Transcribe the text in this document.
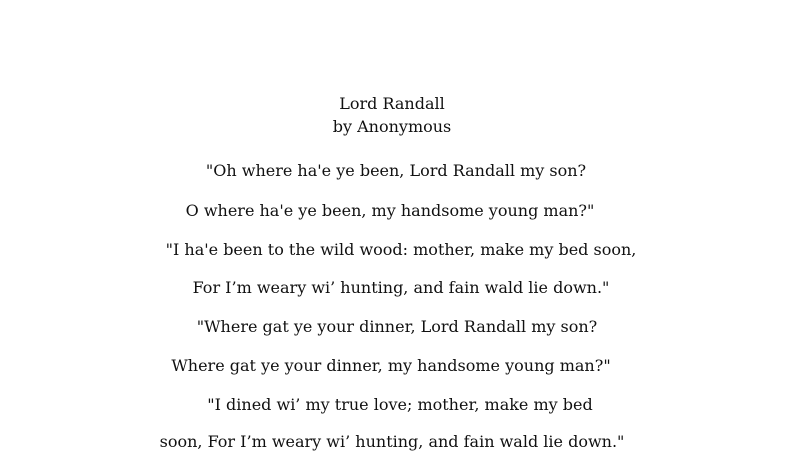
Lord Randall
by Anonymous
"Oh where ha'e ye been, Lord Randall my son?
O where ha'e ye been, my handsome young man?"
"I ha'e been to the wild wood: mother, make my bed soon,
For I’m weary wi’ hunting, and fain wald lie down."
"Where gat ye your dinner, Lord Randall my son?
Where gat ye your dinner, my handsome young man?"
"I dined wi’ my true love; mother, make my bed
soon, For I’m weary wi’ hunting, and fain wald lie down."
